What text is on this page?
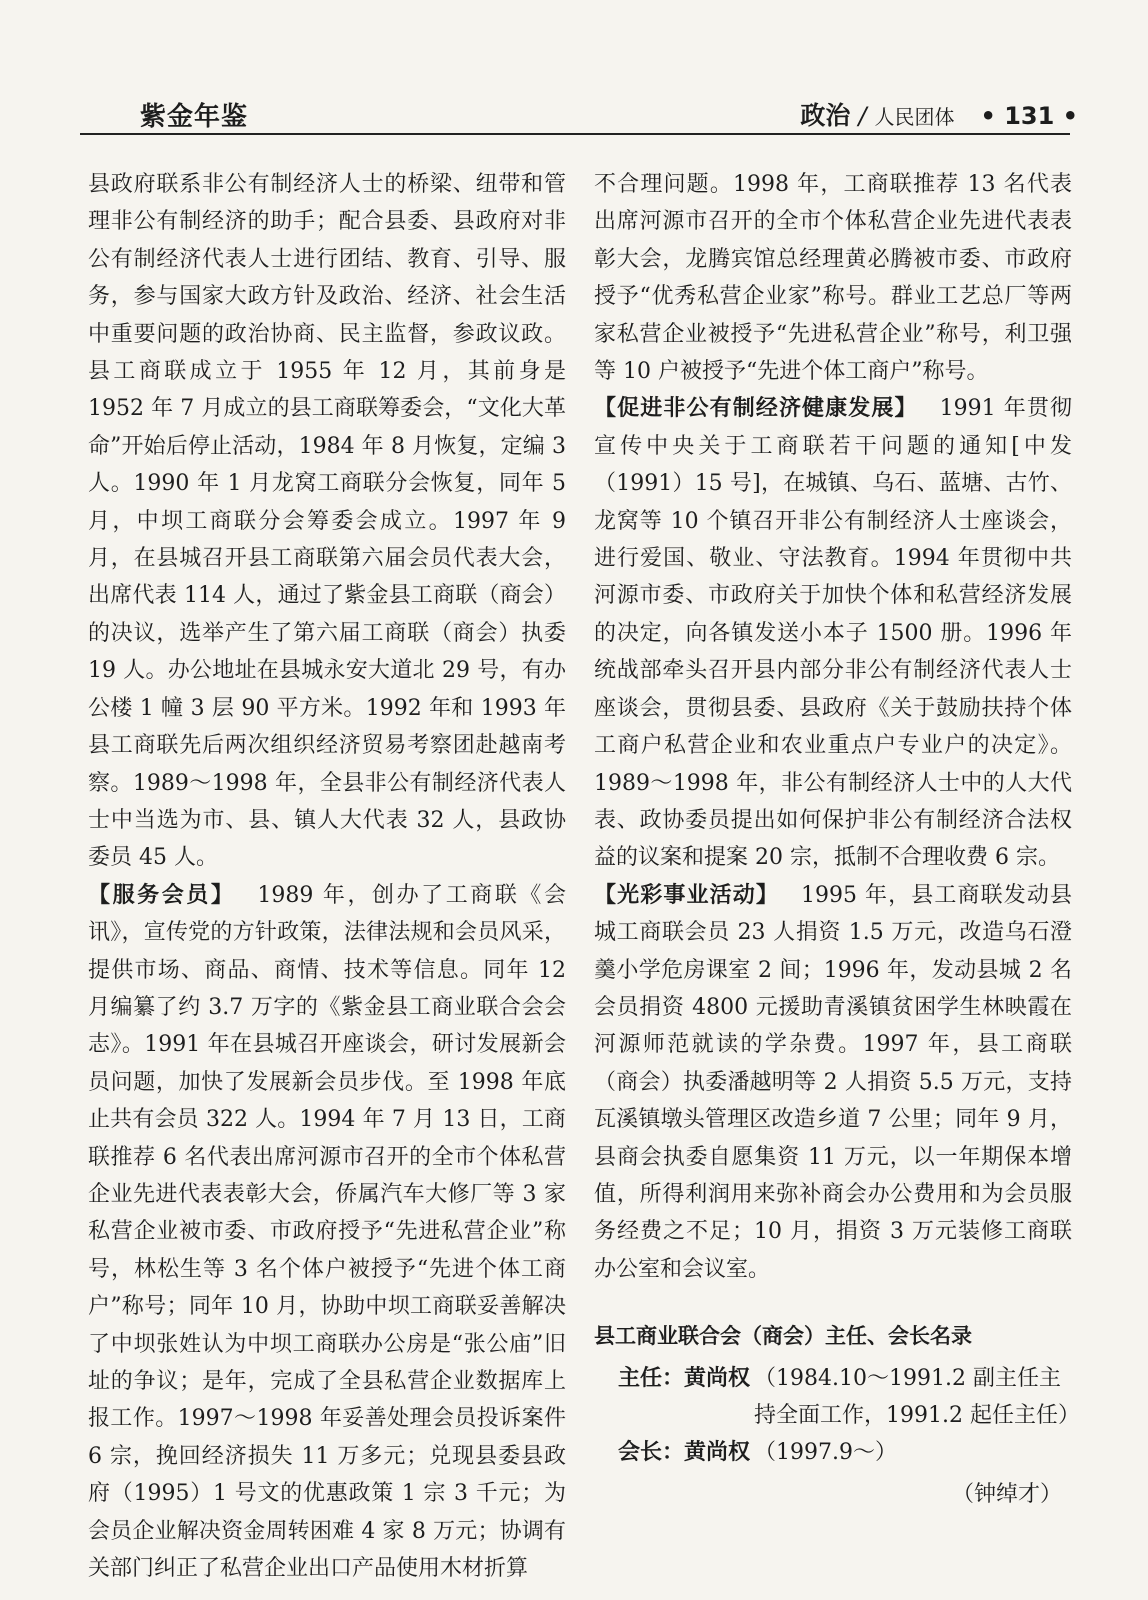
紫金年鉴	政治 / 人民团体 • 131 •

县政府联系非公有制经济人士的桥梁、纽带和管理非公有制经济的助手；配合县委、县政府对非公有制经济代表人士进行团结、教育、引导、服务，参与国家大政方针及政治、经济、社会生活中重要问题的政治协商、民主监督，参政议政。县工商联成立于 1955 年 12 月，其前身是 1952 年 7 月成立的县工商联筹委会，“文化大革命”开始后停止活动，1984 年 8 月恢复，定编 3 人。1990 年 1 月龙窝工商联分会恢复，同年 5 月，中坝工商联分会筹委会成立。1997 年 9 月，在县城召开县工商联第六届会员代表大会，出席代表 114 人，通过了紫金县工商联（商会）的决议，选举产生了第六届工商联（商会）执委 19 人。办公地址在县城永安大道北 29 号，有办公楼 1 幢 3 层 90 平方米。1992 年和 1993 年县工商联先后两次组织经济贸易考察团赴越南考察。1989～1998 年，全县非公有制经济代表人士中当选为市、县、镇人大代表 32 人，县政协委员 45 人。

【服务会员】  1989 年，创办了工商联《会讯》，宣传党的方针政策，法律法规和会员风采，提供市场、商品、商情、技术等信息。同年 12 月编纂了约 3.7 万字的《紫金县工商业联合会会志》。1991 年在县城召开座谈会，研讨发展新会员问题，加快了发展新会员步伐。至 1998 年底止共有会员 322 人。1994 年 7 月 13 日，工商联推荐 6 名代表出席河源市召开的全市个体私营企业先进代表表彰大会，侨属汽车大修厂等 3 家私营企业被市委、市政府授予“先进私营企业”称号，林松生等 3 名个体户被授予“先进个体工商户”称号；同年 10 月，协助中坝工商联妥善解决了中坝张姓认为中坝工商联办公房是“张公庙”旧址的争议；是年，完成了全县私营企业数据库上报工作。1997～1998 年妥善处理会员投诉案件 6 宗，挽回经济损失 11 万多元；兑现县委县政府（1995）1 号文的优惠政策 1 宗 3 千元；为会员企业解决资金周转困难 4 家 8 万元；协调有关部门纠正了私营企业出口产品使用木材折算

不合理问题。1998 年，工商联推荐 13 名代表出席河源市召开的全市个体私营企业先进代表表彰大会，龙腾宾馆总经理黄必腾被市委、市政府授予“优秀私营企业家”称号。群业工艺总厂等两家私营企业被授予“先进私营企业”称号，利卫强等 10 户被授予“先进个体工商户”称号。

【促进非公有制经济健康发展】  1991 年贯彻宣传中央关于工商联若干问题的通知[中发（1991）15 号]，在城镇、乌石、蓝塘、古竹、龙窝等 10 个镇召开非公有制经济人士座谈会，进行爱国、敬业、守法教育。1994 年贯彻中共河源市委、市政府关于加快个体和私营经济发展的决定，向各镇发送小本子 1500 册。1996 年统战部牵头召开县内部分非公有制经济代表人士座谈会，贯彻县委、县政府《关于鼓励扶持个体工商户私营企业和农业重点户专业户的决定》。1989～1998 年，非公有制经济人士中的人大代表、政协委员提出如何保护非公有制经济合法权益的议案和提案 20 宗，抵制不合理收费 6 宗。

【光彩事业活动】  1995 年，县工商联发动县城工商联会员 23 人捐资 1.5 万元，改造乌石澄羹小学危房课室 2 间；1996 年，发动县城 2 名会员捐资 4800 元援助青溪镇贫困学生林映霞在河源师范就读的学杂费。1997 年，县工商联（商会）执委潘越明等 2 人捐资 5.5 万元，支持瓦溪镇墩头管理区改造乡道 7 公里；同年 9 月，县商会执委自愿集资 11 万元，以一年期保本增值，所得利润用来弥补商会办公费用和为会员服务经费之不足；10 月，捐资 3 万元装修工商联办公室和会议室。

县工商业联合会（商会）主任、会长名录
主任： 黄尚权 （1984.10～1991.2 副主任主持全面工作，1991.2 起任主任）
会长： 黄尚权 （1997.9～）
（钟绰才）
